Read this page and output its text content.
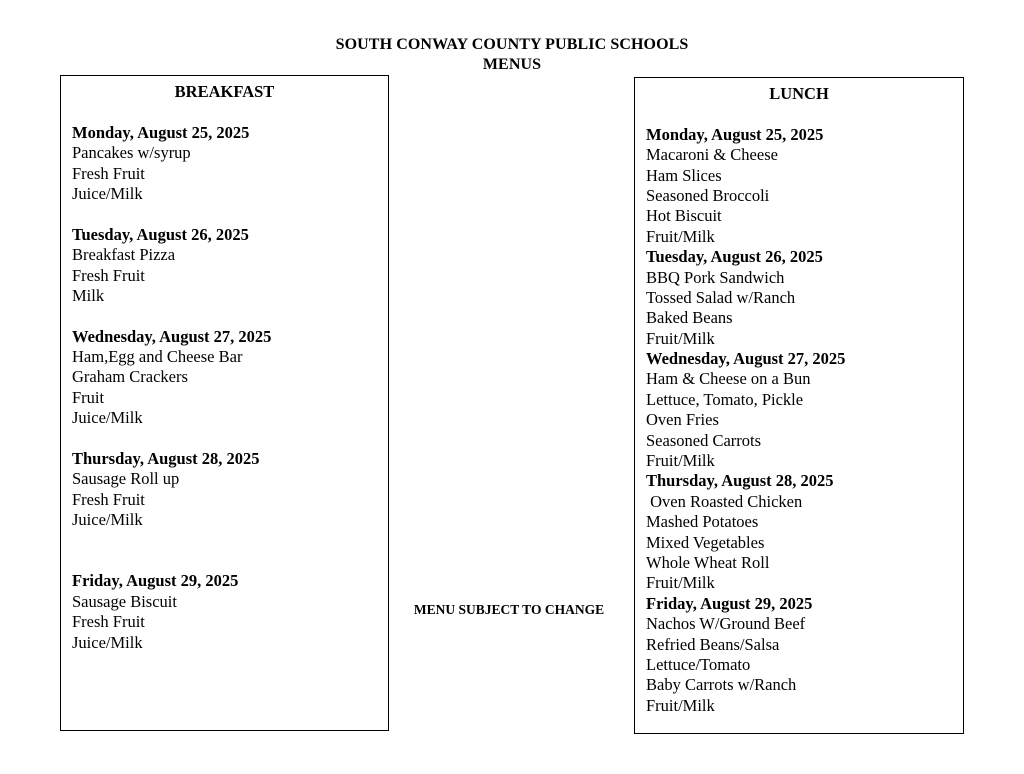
SOUTH CONWAY COUNTY PUBLIC SCHOOLS
MENUS
BREAKFAST
Monday, August 25, 2025
Pancakes w/syrup
Fresh Fruit
Juice/Milk
Tuesday, August 26, 2025
Breakfast Pizza
Fresh Fruit
Milk
Wednesday, August 27, 2025
Ham,Egg and Cheese Bar
Graham Crackers
Fruit
Juice/Milk
Thursday, August 28, 2025
Sausage Roll up
Fresh Fruit
Juice/Milk
Friday, August 29, 2025
Sausage Biscuit
Fresh Fruit
Juice/Milk
MENU SUBJECT TO CHANGE
LUNCH
Monday, August 25, 2025
Macaroni & Cheese
Ham Slices
Seasoned Broccoli
Hot Biscuit
Fruit/Milk
Tuesday, August 26, 2025
BBQ Pork Sandwich
Tossed Salad w/Ranch
Baked Beans
Fruit/Milk
Wednesday, August 27, 2025
Ham & Cheese on a Bun
Lettuce, Tomato, Pickle
Oven Fries
Seasoned Carrots
Fruit/Milk
Thursday, August 28, 2025
Oven Roasted Chicken
Mashed Potatoes
Mixed Vegetables
Whole Wheat Roll
Fruit/Milk
Friday, August 29, 2025
Nachos W/Ground Beef
Refried Beans/Salsa
Lettuce/Tomato
Baby Carrots w/Ranch
Fruit/Milk
